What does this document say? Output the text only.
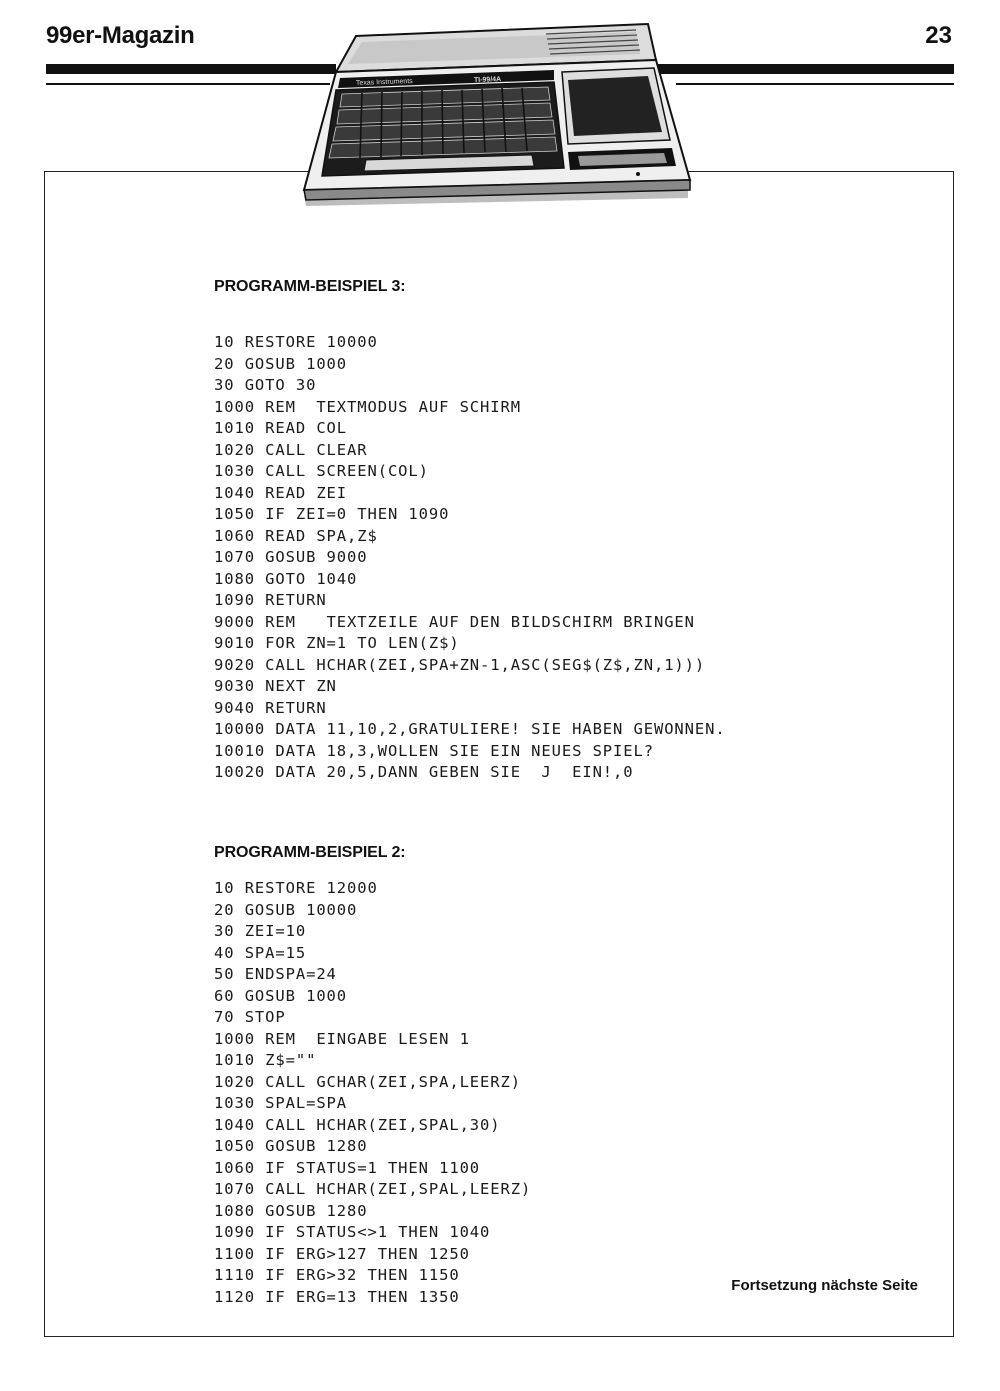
99er-Magazin	23
Texas Instruments	TI-99/4A
PROGRAMM-BEISPIEL 3:
10 RESTORE 10000
20 GOSUB 1000
30 GOTO 30
1000 REM  TEXTMODUS AUF SCHIRM
1010 READ COL
1020 CALL CLEAR
1030 CALL SCREEN(COL)
1040 READ ZEI
1050 IF ZEI=0 THEN 1090
1060 READ SPA,Z$
1070 GOSUB 9000
1080 GOTO 1040
1090 RETURN
9000 REM   TEXTZEILE AUF DEN BILDSCHIRM BRINGEN
9010 FOR ZN=1 TO LEN(Z$)
9020 CALL HCHAR(ZEI,SPA+ZN-1,ASC(SEG$(Z$,ZN,1)))
9030 NEXT ZN
9040 RETURN
10000 DATA 11,10,2,GRATULIERE! SIE HABEN GEWONNEN.
10010 DATA 18,3,WOLLEN SIE EIN NEUES SPIEL?
10020 DATA 20,5,DANN GEBEN SIE  J  EIN!,0
PROGRAMM-BEISPIEL 2:
10 RESTORE 12000
20 GOSUB 10000
30 ZEI=10
40 SPA=15
50 ENDSPA=24
60 GOSUB 1000
70 STOP
1000 REM  EINGABE LESEN 1
1010 Z$=""
1020 CALL GCHAR(ZEI,SPA,LEERZ)
1030 SPAL=SPA
1040 CALL HCHAR(ZEI,SPAL,30)
1050 GOSUB 1280
1060 IF STATUS=1 THEN 1100
1070 CALL HCHAR(ZEI,SPAL,LEERZ)
1080 GOSUB 1280
1090 IF STATUS<>1 THEN 1040
1100 IF ERG>127 THEN 1250
1110 IF ERG>32 THEN 1150
1120 IF ERG=13 THEN 1350
Fortsetzung nächste Seite
